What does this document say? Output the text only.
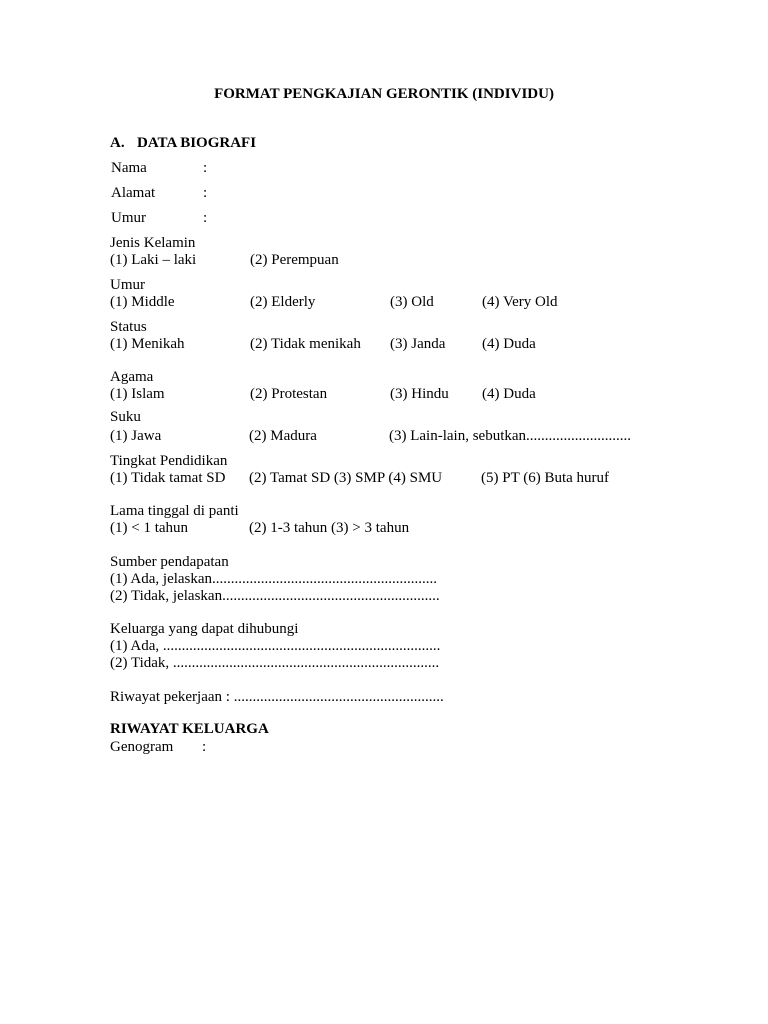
FORMAT PENGKAJIAN GERONTIK (INDIVIDU)
A. DATA BIOGRAFI
Nama	:
Alamat	:
Umur	:
Jenis Kelamin
(1) Laki – laki	(2) Perempuan
Umur
(1) Middle	(2) Elderly	(3) Old	(4) Very Old
Status
(1) Menikah	(2) Tidak menikah (3) Janda (4) Duda
Agama
(1) Islam	(2) Protestan	(3) Hindu (4) Duda
Suku
(1) Jawa	(2) Madura	(3) Lain-lain, sebutkan............................
Tingkat Pendidikan
(1) Tidak tamat SD (2) Tamat SD (3) SMP (4) SMU	(5) PT (6) Buta huruf
Lama tinggal di panti
(1) < 1 tahun	(2) 1-3 tahun (3) > 3 tahun
Sumber pendapatan
(1) Ada, jelaskan............................................................
(2) Tidak, jelaskan..........................................................
Keluarga yang dapat dihubungi
(1) Ada, ..........................................................................
(2) Tidak, .......................................................................
Riwayat pekerjaan : ........................................................
RIWAYAT KELUARGA
Genogram :
